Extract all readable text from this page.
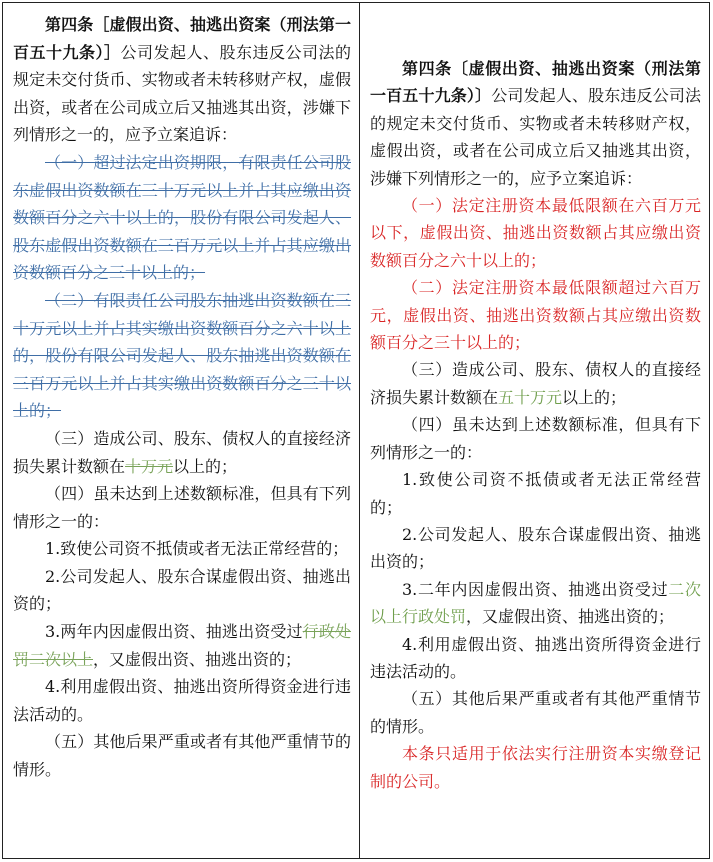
第四条［虚假出资、抽逃出资案（刑法第一百五十九条）］公司发起人、股东违反公司法的规定未交付货币、实物或者未转移财产权，虚假出资，或者在公司成立后又抽逃其出资，涉嫌下列情形之一的，应予立案追诉：

（一）超过法定出资期限，有限责任公司股东虚假出资数额在三十万元以上并占其应缴出资数额百分之六十以上的，股份有限公司发起人、股东虚假出资数额在三百万元以上并占其应缴出资数额百分之三十以上的；

（二）有限责任公司股东抽逃出资数额在三十万元以上并占其实缴出资数额百分之六十以上的，股份有限公司发起人、股东抽逃出资数额在三百万元以上并占其实缴出资数额百分之三十以上的；

（三）造成公司、股东、债权人的直接经济损失累计数额在十万元以上的；

（四）虽未达到上述数额标准，但具有下列情形之一的：

1.致使公司资不抵债或者无法正常经营的；

2.公司发起人、股东合谋虚假出资、抽逃出资的；

3.两年内因虚假出资、抽逃出资受过行政处罚二次以上，又虚假出资、抽逃出资的；

4.利用虚假出资、抽逃出资所得资金进行违法活动的。

（五）其他后果严重或者有其他严重情节的情形。

第四条〔虚假出资、抽逃出资案（刑法第一百五十九条）〕公司发起人、股东违反公司法的规定未交付货币、实物或者未转移财产权，虚假出资，或者在公司成立后又抽逃其出资，涉嫌下列情形之一的，应予立案追诉：

（一）法定注册资本最低限额在六百万元以下，虚假出资、抽逃出资数额占其应缴出资数额百分之六十以上的；

（二）法定注册资本最低限额超过六百万元，虚假出资、抽逃出资数额占其应缴出资数额百分之三十以上的；

（三）造成公司、股东、债权人的直接经济损失累计数额在五十万元以上的；

（四）虽未达到上述数额标准，但具有下列情形之一的：

1.致使公司资不抵债或者无法正常经营的；

2.公司发起人、股东合谋虚假出资、抽逃出资的；

3.二年内因虚假出资、抽逃出资受过二次以上行政处罚，又虚假出资、抽逃出资的；

4.利用虚假出资、抽逃出资所得资金进行违法活动的。

（五）其他后果严重或者有其他严重情节的情形。

本条只适用于依法实行注册资本实缴登记制的公司。
